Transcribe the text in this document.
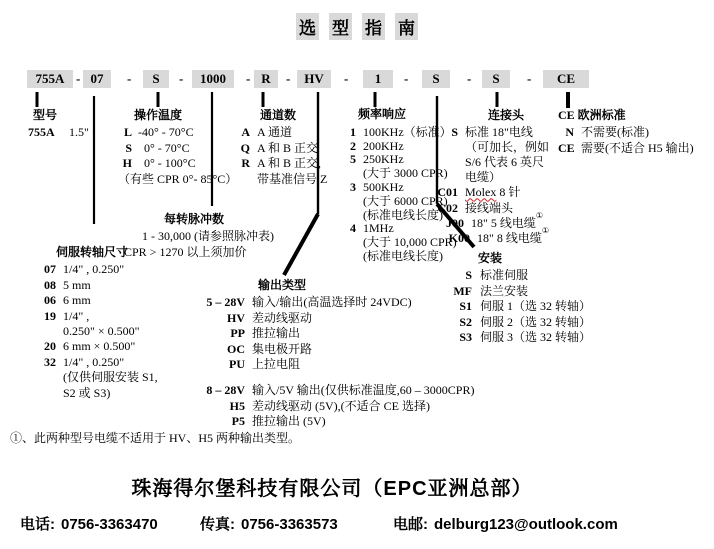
选 型 指 南
755A - 07	-	S	-	1000	- R	-	HV	-	1	-	S	-	S	-	CE
型号
755A	1.5"
操作温度
L -40° - 70°C
S 0° - 70°C
H 0° - 100°C
（有些 CPR 0°- 85°C）
通道数
A A 通道
Q A 和 B 正交
R A 和 B 正交,
带基准信号 Z
频率响应
1 100KHz（标准）
2 200KHz
5 250KHz
(大于 3000 CPR)
3 500KHz
(大于 6000 CPR)
(标准电线长度)
4 1MHz
(大于 10,000 CPR)
(标准电线长度)
连接头
S 标准 18"电线
（可加长，例如
S/6 代表 6 英尺
电缆）
C01 Molex 8 针
C02 接线端头
J00 18" 5 线电缆
①
K00 18" 8 线电缆
①
CE 欧洲标准
N 不需要(标准)
CE 需要(不适合 H5 输出)
每转脉冲数
1 - 30,000 (请参照脉冲表)
CPR > 1270 以上须加价
伺服转轴尺寸
07 1/4" , 0.250"
08 5 mm
06 6 mm
19 1/4" ,
0.250" × 0.500"
20 6 mm × 0.500"
32 1/4" , 0.250"
(仅供伺服安装 S1,
S2 或 S3)
输出类型
5 – 28V 输入/输出(高温选择时 24VDC)
HV 差动线驱动
PP 推拉输出
OC 集电极开路
PU 上拉电阻
8 – 28V 输入/5V 输出(仅供标准温度,60 – 3000CPR)
H5 差动线驱动 (5V),(不适合 CE 选择)
P5 推拉输出 (5V)
安装
S 标准伺服
MF 法兰安装
S1 伺服 1（选 32 转轴）
S2 伺服 2（选 32 转轴）
S3 伺服 3（选 32 转轴）
①、此两种型号电缆不适用于 HV、H5 两种输出类型。
珠海得尔堡科技有限公司（EPC亚洲总部）
电话: 0756-3363470	传真: 0756-3363573	电邮: delburg123@outlook.com
